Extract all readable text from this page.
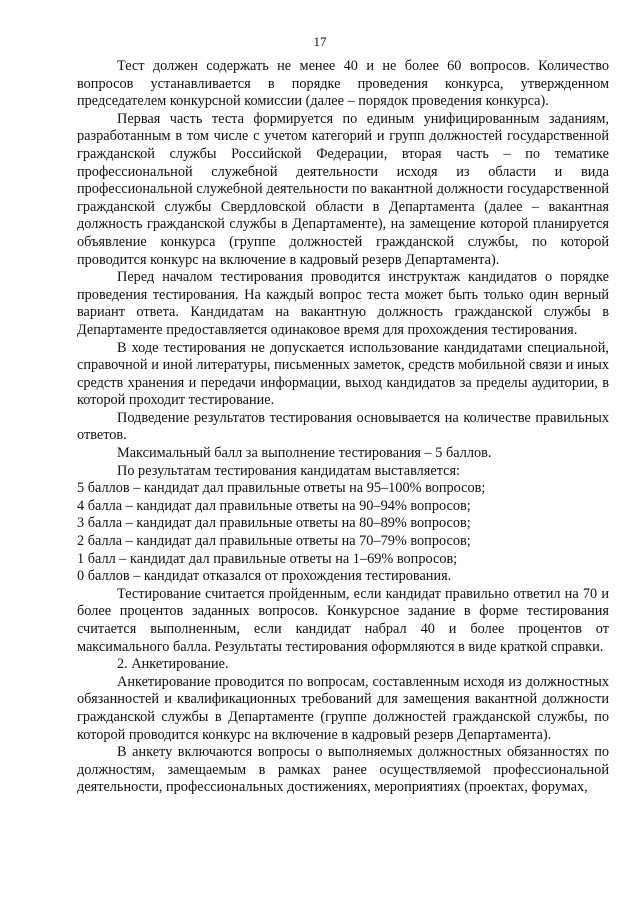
17

Тест должен содержать не менее 40 и не более 60 вопросов. Количество вопросов устанавливается в порядке проведения конкурса, утвержденном председателем конкурсной комиссии (далее – порядок проведения конкурса).

Первая часть теста формируется по единым унифицированным заданиям, разработанным в том числе с учетом категорий и групп должностей государственной гражданской службы Российской Федерации, вторая часть – по тематике профессиональной служебной деятельности исходя из области и вида профессиональной служебной деятельности по вакантной должности государственной гражданской службы Свердловской области в Департамента (далее – вакантная должность гражданской службы в Департаменте), на замещение которой планируется объявление конкурса (группе должностей гражданской службы, по которой проводится конкурс на включение в кадровый резерв Департамента).

Перед началом тестирования проводится инструктаж кандидатов о порядке проведения тестирования. На каждый вопрос теста может быть только один верный вариант ответа. Кандидатам на вакантную должность гражданской службы в Департаменте предоставляется одинаковое время для прохождения тестирования.

В ходе тестирования не допускается использование кандидатами специальной, справочной и иной литературы, письменных заметок, средств мобильной связи и иных средств хранения и передачи информации, выход кандидатов за пределы аудитории, в которой проходит тестирование.

Подведение результатов тестирования основывается на количестве правильных ответов.

Максимальный балл за выполнение тестирования – 5 баллов.

По результатам тестирования кандидатам выставляется:

5 баллов – кандидат дал правильные ответы на 95–100% вопросов;

4 балла – кандидат дал правильные ответы на 90–94% вопросов;

3 балла – кандидат дал правильные ответы на 80–89% вопросов;

2 балла – кандидат дал правильные ответы на 70–79% вопросов;

1 балл – кандидат дал правильные ответы на 1–69% вопросов;

0 баллов – кандидат отказался от прохождения тестирования.

Тестирование считается пройденным, если кандидат правильно ответил на 70 и более процентов заданных вопросов. Конкурсное задание в форме тестирования считается выполненным, если кандидат набрал 40 и более процентов от максимального балла. Результаты тестирования оформляются в виде краткой справки.

2. Анкетирование.

Анкетирование проводится по вопросам, составленным исходя из должностных обязанностей и квалификационных требований для замещения вакантной должности гражданской службы в Департаменте (группе должностей гражданской службы, по которой проводится конкурс на включение в кадровый резерв Департамента).

В анкету включаются вопросы о выполняемых должностных обязанностях по должностям, замещаемым в рамках ранее осуществляемой профессиональной деятельности, профессиональных достижениях, мероприятиях (проектах, форумах,
